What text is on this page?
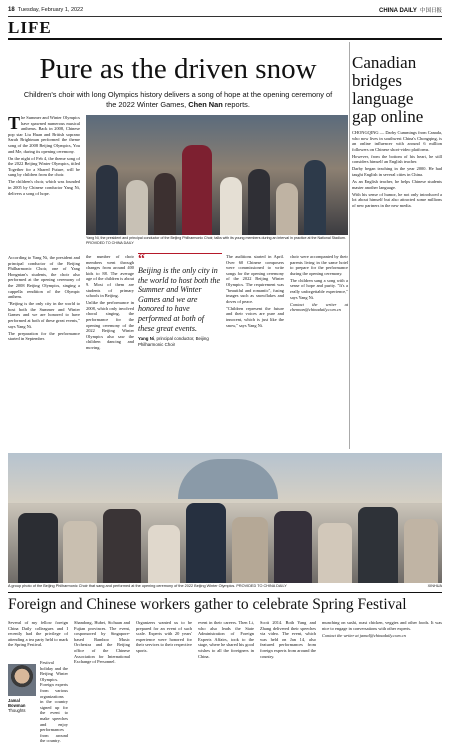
18 Tuesday, February 1, 2022	CHINA DAILY 中国日报
LIFE
Pure as the driven snow
Children's choir with long Olympics history delivers a song of hope at the opening ceremony of the 2022 Winter Games, Chen Nan reports.

The Summer and Winter Olympics have spawned numerous musical anthems. Back in 2008, Chinese pop star Liu Huan and British soprano Sarah Brightman performed the theme song of the 2008 Beijing Olympics, You and Me, during its opening ceremony.

On the night of Feb 4, the theme song of the 2022 Beijing Winter Olympics, titled Together for a Shared Future, will be sung by children from the choir.

The children's choir, which was founded in 2005 by Chinese conductor Yang Ni, delivers a song of hope.

According to Yang Ni, the president and principal conductor of the Beijing Philharmonic Choir, one of Yang Hongnian's students, the choir also performed at the opening ceremony of the 2008 Beijing Olympics, singing a cappella rendition of the Olympic anthem.

"Beijing is the only city in the world to host both the Summer and Winter Games and we are honored to have performed at both of these great events," says Yang Ni.

The preparation for the performance started in September.

Yang Ni, the president and principal conductor of the Beijing Philharmonic Choir, talks with its young members during an interval in practice at the National Stadium. PROVIDED TO CHINA DAILY

the number of choir members went through changes from around 400 kids to 88. The average age of the children is about 9. Most of them are students of primary schools in Beijing.

Unlike the performance in 2008, which only involved choral singing, the performance for the opening ceremony of the 2022 Beijing Winter Olympics also saw the children dancing and moving.

“
Beijing is the only city in the world to host both the Summer and Winter Games and we are honored to have performed at both of these great events.
Yang Ni, principal conductor, Beijing Philharmonic Choir

The auditions started in April. Over 60 Chinese composers were commissioned to write songs for the opening ceremony of the 2022 Beijing Winter Olympics. The requirement was "beautiful and romantic", fusing images such as snowflakes and doves of peace.

"Children represent the future and their voices are pure and innocent, which is just like the snow," says Yang Ni.

choir were accompanied by their parents living in the same hotel to prepare for the performance during the opening ceremony.

The children sang a song with a sense of hope and purity. "It's a really unforgettable experience," says Yang Ni.

Contact the writer at chennan@chinadaily.com.cn

Canadian bridges language gap online

CHONGQING — Darby Cummings from Canada, who now lives in southwest China's Chongqing, is an online influencer with around 6 million followers on Chinese short-video platforms.

However, from the bottom of his heart, he still considers himself an English teacher.

Darby began teaching in the year 2000. He had taught English in several cities in China.

As an English teacher, he helps Chinese students master another language.

With his sense of humor, he not only introduced a lot about himself but also attracted some millions of new partners in the new media.

A group photo of the Beijing Philharmonic Choir that sang and performed at the opening ceremony of the 2022 Beijing Winter Olympics. PROVIDED TO CHINA DAILY	XINHUA
Foreign and Chinese workers gather to celebrate Spring Festival

Several of my fellow foreign China Daily colleagues and I recently had the privilege of attending a tea party held to mark the Spring Festival.

Jamal Bowman
Thoughts

Festival holiday and the Beijing Winter Olympics. Foreign experts from various organizations in the country signed up for the event to make speeches and enjoy performances from around the country.

Shandong, Hubei, Sichuan and Fujian provinces. The event, cosponsored by Singapore-based Bamboo Music Orchestra and the Beijing office of the Chinese Association for International Exchange of Personnel.

Organizers wanted us to be prepared for an event of such scale. Experts with 20 years' experience were honored for their services to their respective sports.

event in their careers. Then Li, who also leads the State Administration of Foreign Experts Affairs, took to the stage, where he shared his good wishes to all the foreigners in China.

Scott 2014. Both Yang and Zhang delivered their speeches via video. The event, which was held on Jan 14, also featured performances from foreign experts from around the country.

munching on sushi, roast chicken, veggies and other foods. It was nice to engage in conversations with other experts.

Contact the writer at jamal@chinadaily.com.cn
